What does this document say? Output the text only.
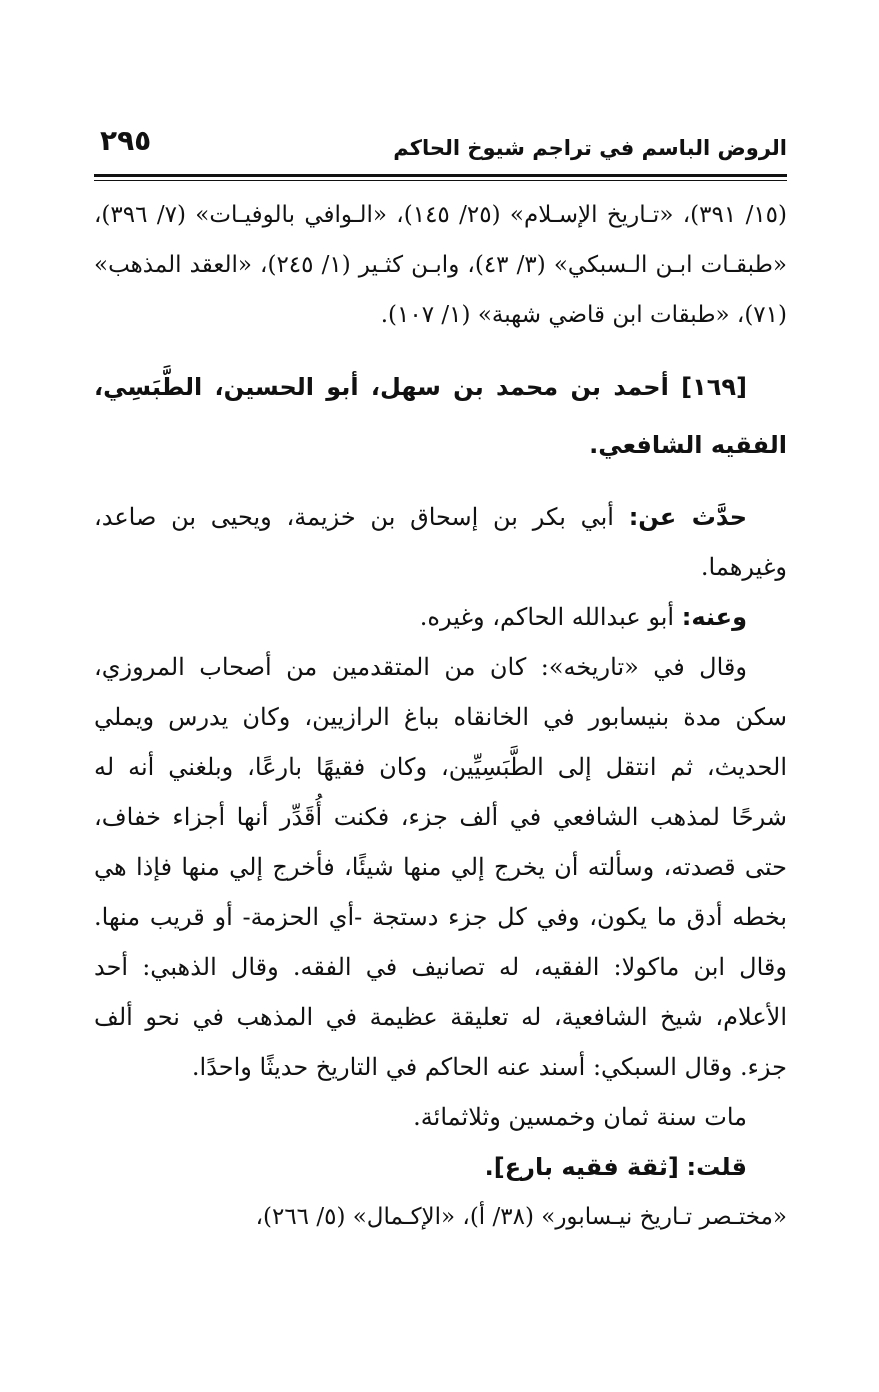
٢٩٥	الروض الباسم في تراجم شيوخ الحاكم

(١٥/ ٣٩١)، «تـاريخ الإسـلام» (٢٥/ ١٤٥)، «الـوافي بالوفيـات» (٧/ ٣٩٦)، «طبقـات ابـن الـسبكي» (٣/ ٤٣)، وابـن كثـير (١/ ٢٤٥)، «العقد المذهب» (٧١)، «طبقات ابن قاضي شهبة» (١/ ١٠٧).

[١٦٩] أحمد بن محمد بن سهل، أبو الحسين، الطَّبَسِي، الفقيه الشافعي.

حدَّث عن: أبي بكر بن إسحاق بن خزيمة، ويحيى بن صاعد، وغيرهما.

وعنه: أبو عبدالله الحاكم، وغيره.

وقال في «تاريخه»: كان من المتقدمين من أصحاب المروزي، سكن مدة بنيسابور في الخانقاه بباغ الرازيين، وكان يدرس ويملي الحديث، ثم انتقل إلى الطَّبَسِيِّين، وكان فقيهًا بارعًا، وبلغني أنه له شرحًا لمذهب الشافعي في ألف جزء، فكنت أُقَدِّر أنها أجزاء خفاف، حتى قصدته، وسألته أن يخرج إلي منها شيئًا، فأخرج إلي منها فإذا هي بخطه أدق ما يكون، وفي كل جزء دستجة -أي الحزمة- أو قريب منها. وقال ابن ماكولا: الفقيه، له تصانيف في الفقه. وقال الذهبي: أحد الأعلام، شيخ الشافعية، له تعليقة عظيمة في المذهب في نحو ألف جزء. وقال السبكي: أسند عنه الحاكم في التاريخ حديثًا واحدًا.

مات سنة ثمان وخمسين وثلاثمائة.

قلت: [ثقة فقيه بارع].

«مختـصر تـاريخ نيـسابور» (٣٨/ أ)، «الإكـمال» (٥/ ٢٦٦)،
